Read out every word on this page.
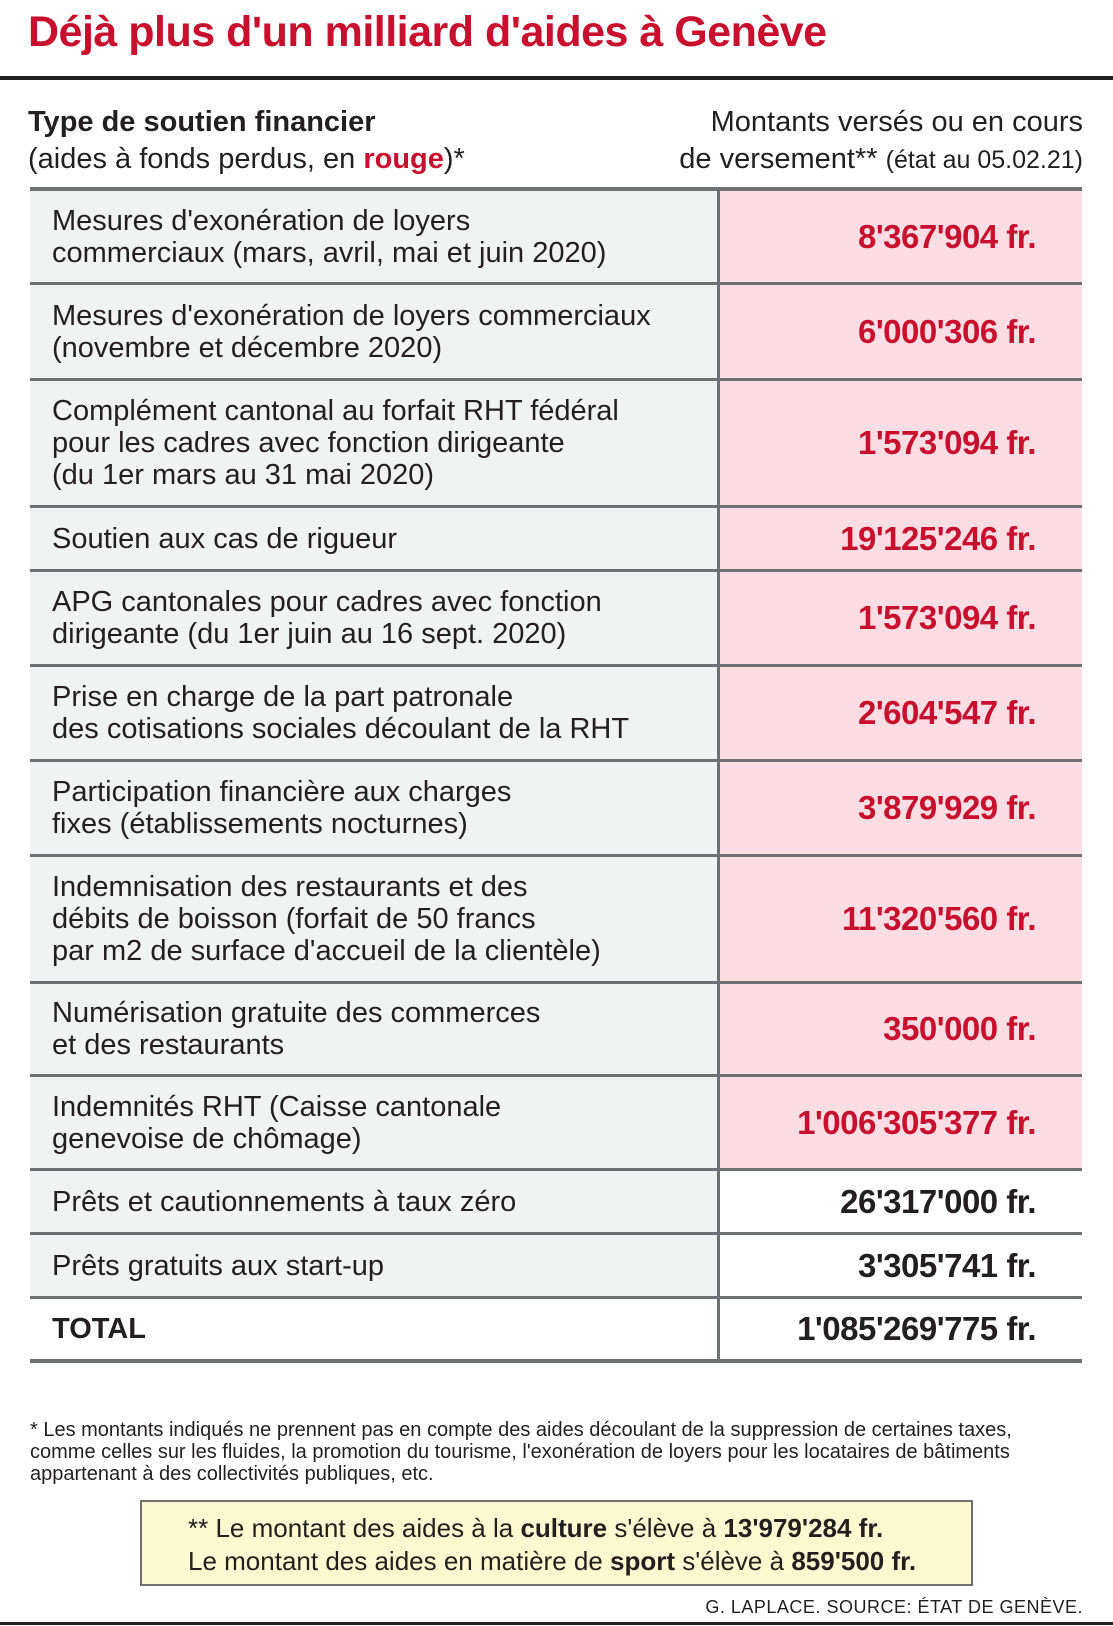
Déjà plus d'un milliard d'aides à Genève
Type de soutien financier
(aides à fonds perdus, en rouge)*
Montants versés ou en cours
de versement** (état au 05.02.21)
Mesures d'exonération de loyers
commerciaux (mars, avril, mai et juin 2020)	8'367'904 fr.
Mesures d'exonération de loyers commerciaux
(novembre et décembre 2020)	6'000'306 fr.
Complément cantonal au forfait RHT fédéral
pour les cadres avec fonction dirigeante
(du 1er mars au 31 mai 2020)
1'573'094 fr.
Soutien aux cas de rigueur	19'125'246 fr.
APG cantonales pour cadres avec fonction
dirigeante (du 1er juin au 16 sept. 2020)	1'573'094 fr.
Prise en charge de la part patronale
des cotisations sociales découlant de la RHT	2'604'547 fr.
Participation financière aux charges
fixes (établissements nocturnes)	3'879'929 fr.
Indemnisation des restaurants et des
débits de boisson (forfait de 50 francs
par m2 de surface d'accueil de la clientèle)
11'320'560 fr.
Numérisation gratuite des commerces
et des restaurants	350'000 fr.
Indemnités RHT (Caisse cantonale
genevoise de chômage)	1'006'305'377 fr.
Prêts et cautionnements à taux zéro	26'317'000 fr.
Prêts gratuits aux start-up	3'305'741 fr.
TOTAL	1'085'269'775 fr.
* Les montants indiqués ne prennent pas en compte des aides découlant de la suppression de certaines taxes, comme celles sur les fluides, la promotion du tourisme, l'exonération de loyers pour les locataires de bâtiments appartenant à des collectivités publiques, etc.
** Le montant des aides à la culture s'élève à 13'979'284 fr.
Le montant des aides en matière de sport s'élève à 859'500 fr.
G. LAPLACE. SOURCE: ÉTAT DE GENÈVE.
